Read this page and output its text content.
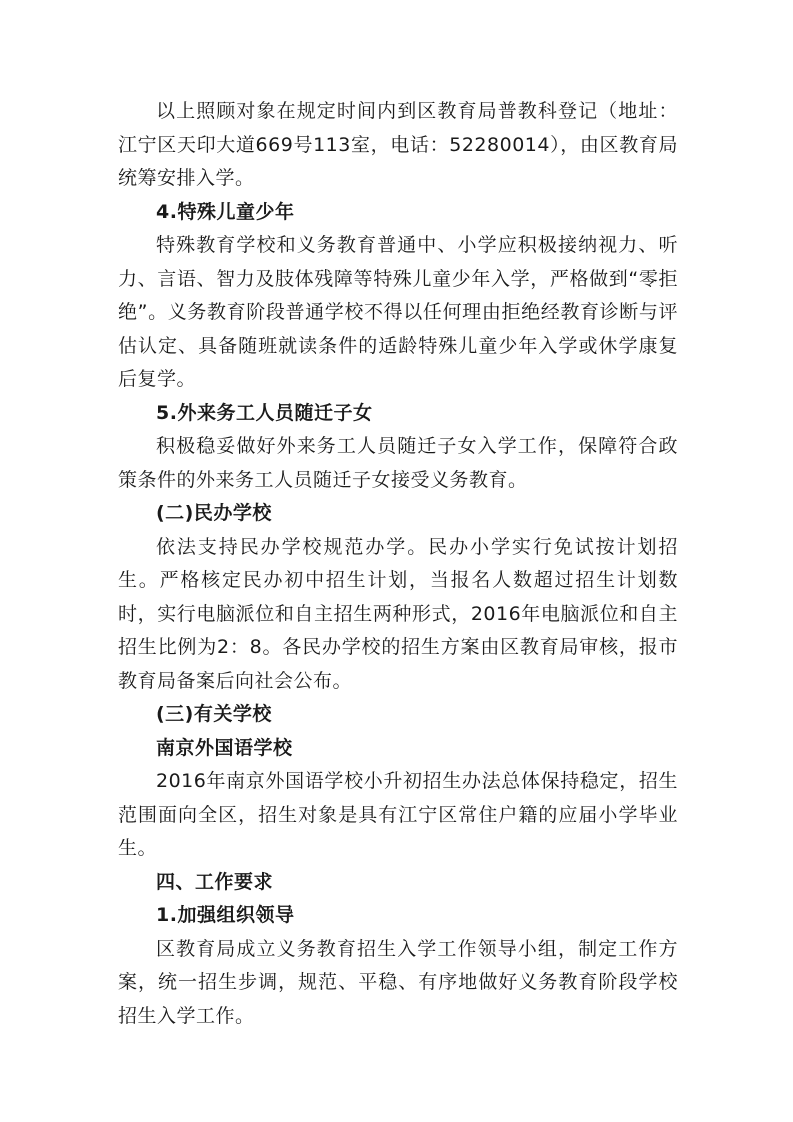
以上照顾对象在规定时间内到区教育局普教科登记（地址：江宁区天印大道669号113室，电话：52280014），由区教育局统筹安排入学。

4.特殊儿童少年

特殊教育学校和义务教育普通中、小学应积极接纳视力、听力、言语、智力及肢体残障等特殊儿童少年入学，严格做到“零拒绝”。义务教育阶段普通学校不得以任何理由拒绝经教育诊断与评估认定、具备随班就读条件的适龄特殊儿童少年入学或休学康复后复学。

5.外来务工人员随迁子女

积极稳妥做好外来务工人员随迁子女入学工作，保障符合政策条件的外来务工人员随迁子女接受义务教育。

(二)民办学校

依法支持民办学校规范办学。民办小学实行免试按计划招生。严格核定民办初中招生计划，当报名人数超过招生计划数时，实行电脑派位和自主招生两种形式，2016年电脑派位和自主招生比例为2：8。各民办学校的招生方案由区教育局审核，报市教育局备案后向社会公布。

(三)有关学校

南京外国语学校

2016年南京外国语学校小升初招生办法总体保持稳定，招生范围面向全区，招生对象是具有江宁区常住户籍的应届小学毕业生。

四、工作要求

1.加强组织领导

区教育局成立义务教育招生入学工作领导小组，制定工作方案，统一招生步调，规范、平稳、有序地做好义务教育阶段学校招生入学工作。
